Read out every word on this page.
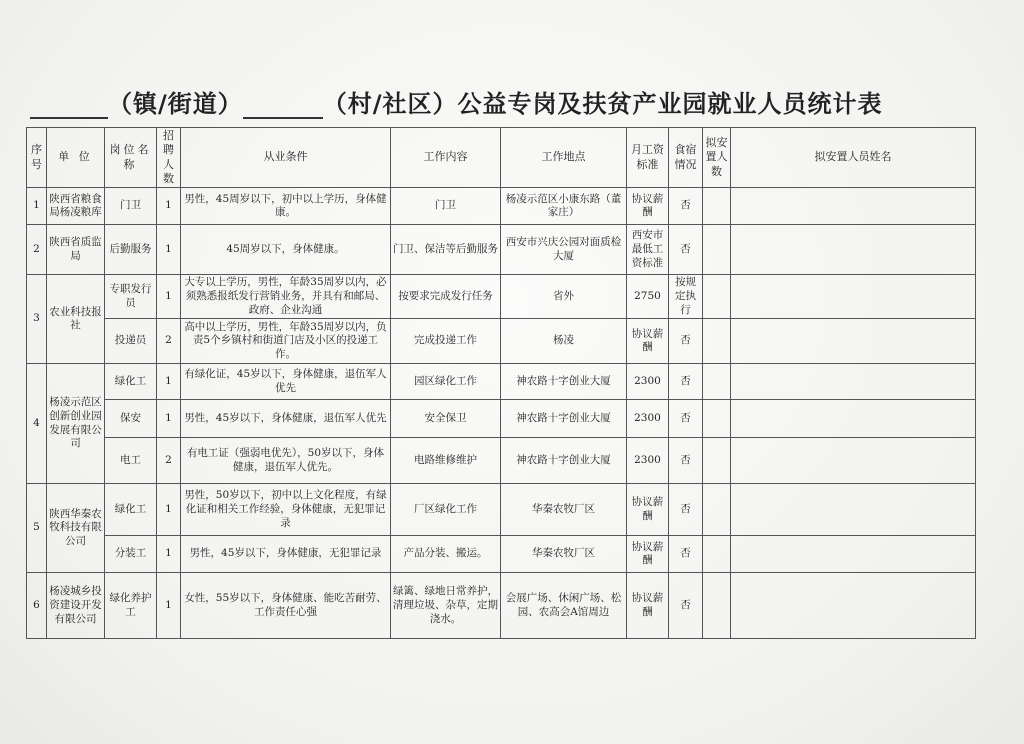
（镇/街道）	（村/社区）公益专岗及扶贫产业园就业人员统计表
序号	单 位	岗位名称	招聘人数	从业条件	工作内容	工作地点	月工资标准	食宿情况	拟安置人数	拟安置人员姓名
1	陕西省粮食局杨凌粮库	门卫	1	男性，45周岁以下，初中以上学历，身体健康。	门卫	杨凌示范区小康东路（董家庄）	协议薪酬	否		
2	陕西省质监局	后勤服务	1	45周岁以下，身体健康。	门卫、保洁等后勤服务	西安市兴庆公园对面质检大厦	西安市最低工资标准	否		
3	农业科技报社	专职发行员	1	大专以上学历，男性，年龄35周岁以内，必须熟悉报纸发行营销业务，并具有和邮局、政府、企业沟通	按要求完成发行任务	省外	2750	按规定执行		
		投递员	2	高中以上学历，男性，年龄35周岁以内，负责5个乡镇村和街道门店及小区的投递工作。	完成投递工作	杨凌	协议薪酬	否		
4	杨凌示范区创新创业园发展有限公司	绿化工	1	有绿化证，45岁以下，身体健康，退伍军人优先	园区绿化工作	神农路十字创业大厦	2300	否		
		保安	1	男性，45岁以下，身体健康，退伍军人优先	安全保卫	神农路十字创业大厦	2300	否		
		电工	2	有电工证（强弱电优先），50岁以下，身体健康，退伍军人优先。	电路维修维护	神农路十字创业大厦	2300	否		
5	陕西华秦农牧科技有限公司	绿化工	1	男性，50岁以下，初中以上文化程度，有绿化证和相关工作经验，身体健康，无犯罪记录	厂区绿化工作	华秦农牧厂区	协议薪酬	否		
		分装工	1	男性，45岁以下，身体健康，无犯罪记录	产品分装、搬运。	华秦农牧厂区	协议薪酬	否		
6	杨凌城乡投资建设开发有限公司	绿化养护工	1	女性，55岁以下，身体健康、能吃苦耐劳、工作责任心强	绿篱、绿地日常养护，清理垃圾、杂草，定期浇水。	会展广场、休闲广场、松园、农高会A馆周边	协议薪酬	否		
